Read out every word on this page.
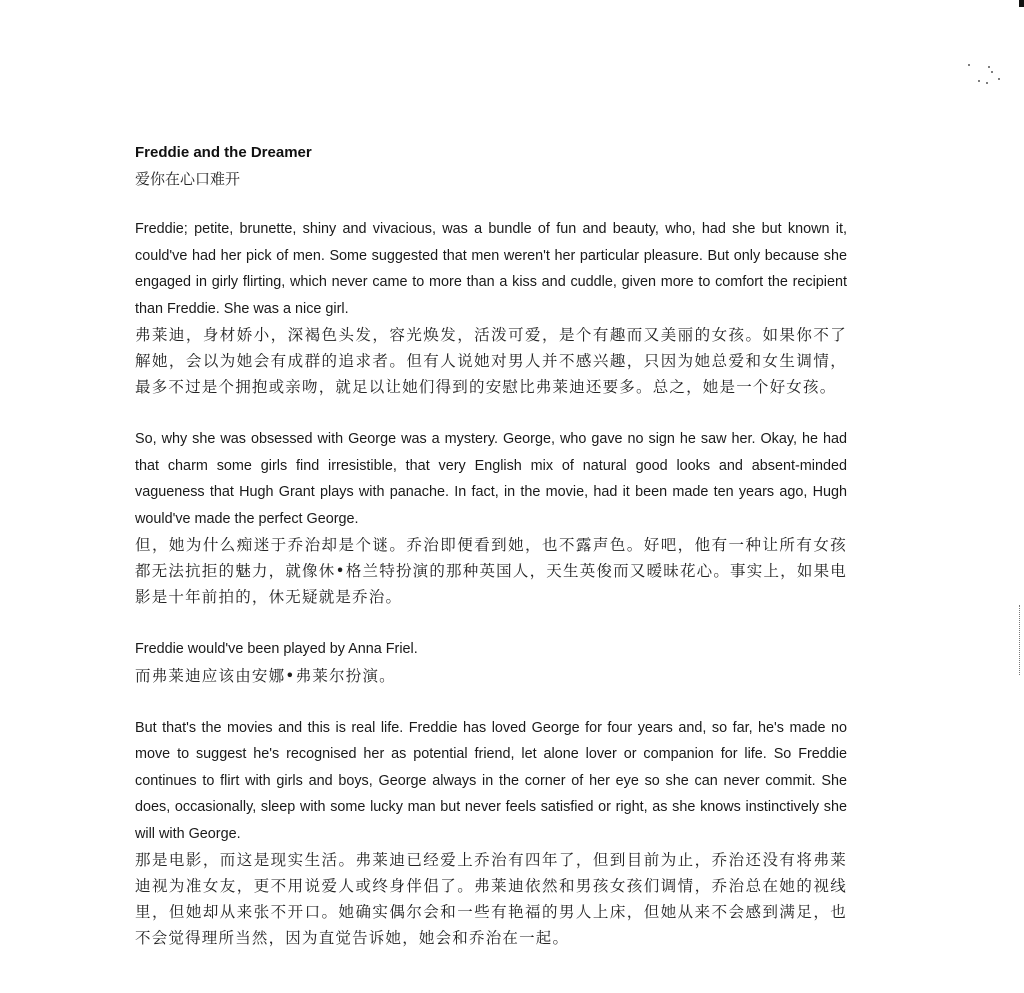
Freddie and the Dreamer

爱你在心口难开

Freddie; petite, brunette, shiny and vivacious, was a bundle of fun and beauty, who, had she but known it, could've had her pick of men. Some suggested that men weren't her particular pleasure. But only because she engaged in girly flirting, which never came to more than a kiss and cuddle, given more to comfort the recipient than Freddie. She was a nice girl.

弗莱迪，身材娇小，深褐色头发，容光焕发，活泼可爱，是个有趣而又美丽的女孩。如果你不了解她，会以为她会有成群的追求者。但有人说她对男人并不感兴趣，只因为她总爱和女生调情，最多不过是个拥抱或亲吻，就足以让她们得到的安慰比弗莱迪还要多。总之，她是一个好女孩。

So, why she was obsessed with George was a mystery. George, who gave no sign he saw her. Okay, he had that charm some girls find irresistible, that very English mix of natural good looks and absent-minded vagueness that Hugh Grant plays with panache. In fact, in the movie, had it been made ten years ago, Hugh would've made the perfect George.

但，她为什么痴迷于乔治却是个谜。乔治即便看到她，也不露声色。好吧，他有一种让所有女孩都无法抗拒的魅力，就像休•格兰特扮演的那种英国人，天生英俊而又暧昧花心。事实上，如果电影是十年前拍的，休无疑就是乔治。

Freddie would've been played by Anna Friel.

而弗莱迪应该由安娜•弗莱尔扮演。

But that's the movies and this is real life. Freddie has loved George for four years and, so far, he's made no move to suggest he's recognised her as potential friend, let alone lover or companion for life. So Freddie continues to flirt with girls and boys, George always in the corner of her eye so she can never commit. She does, occasionally, sleep with some lucky man but never feels satisfied or right, as she knows instinctively she will with George.

那是电影，而这是现实生活。弗莱迪已经爱上乔治有四年了，但到目前为止，乔治还没有将弗莱迪视为准女友，更不用说爱人或终身伴侣了。弗莱迪依然和男孩女孩们调情，乔治总在她的视线里，但她却从来张不开口。她确实偶尔会和一些有艳福的男人上床，但她从来不会感到满足，也不会觉得理所当然，因为直觉告诉她，她会和乔治在一起。
